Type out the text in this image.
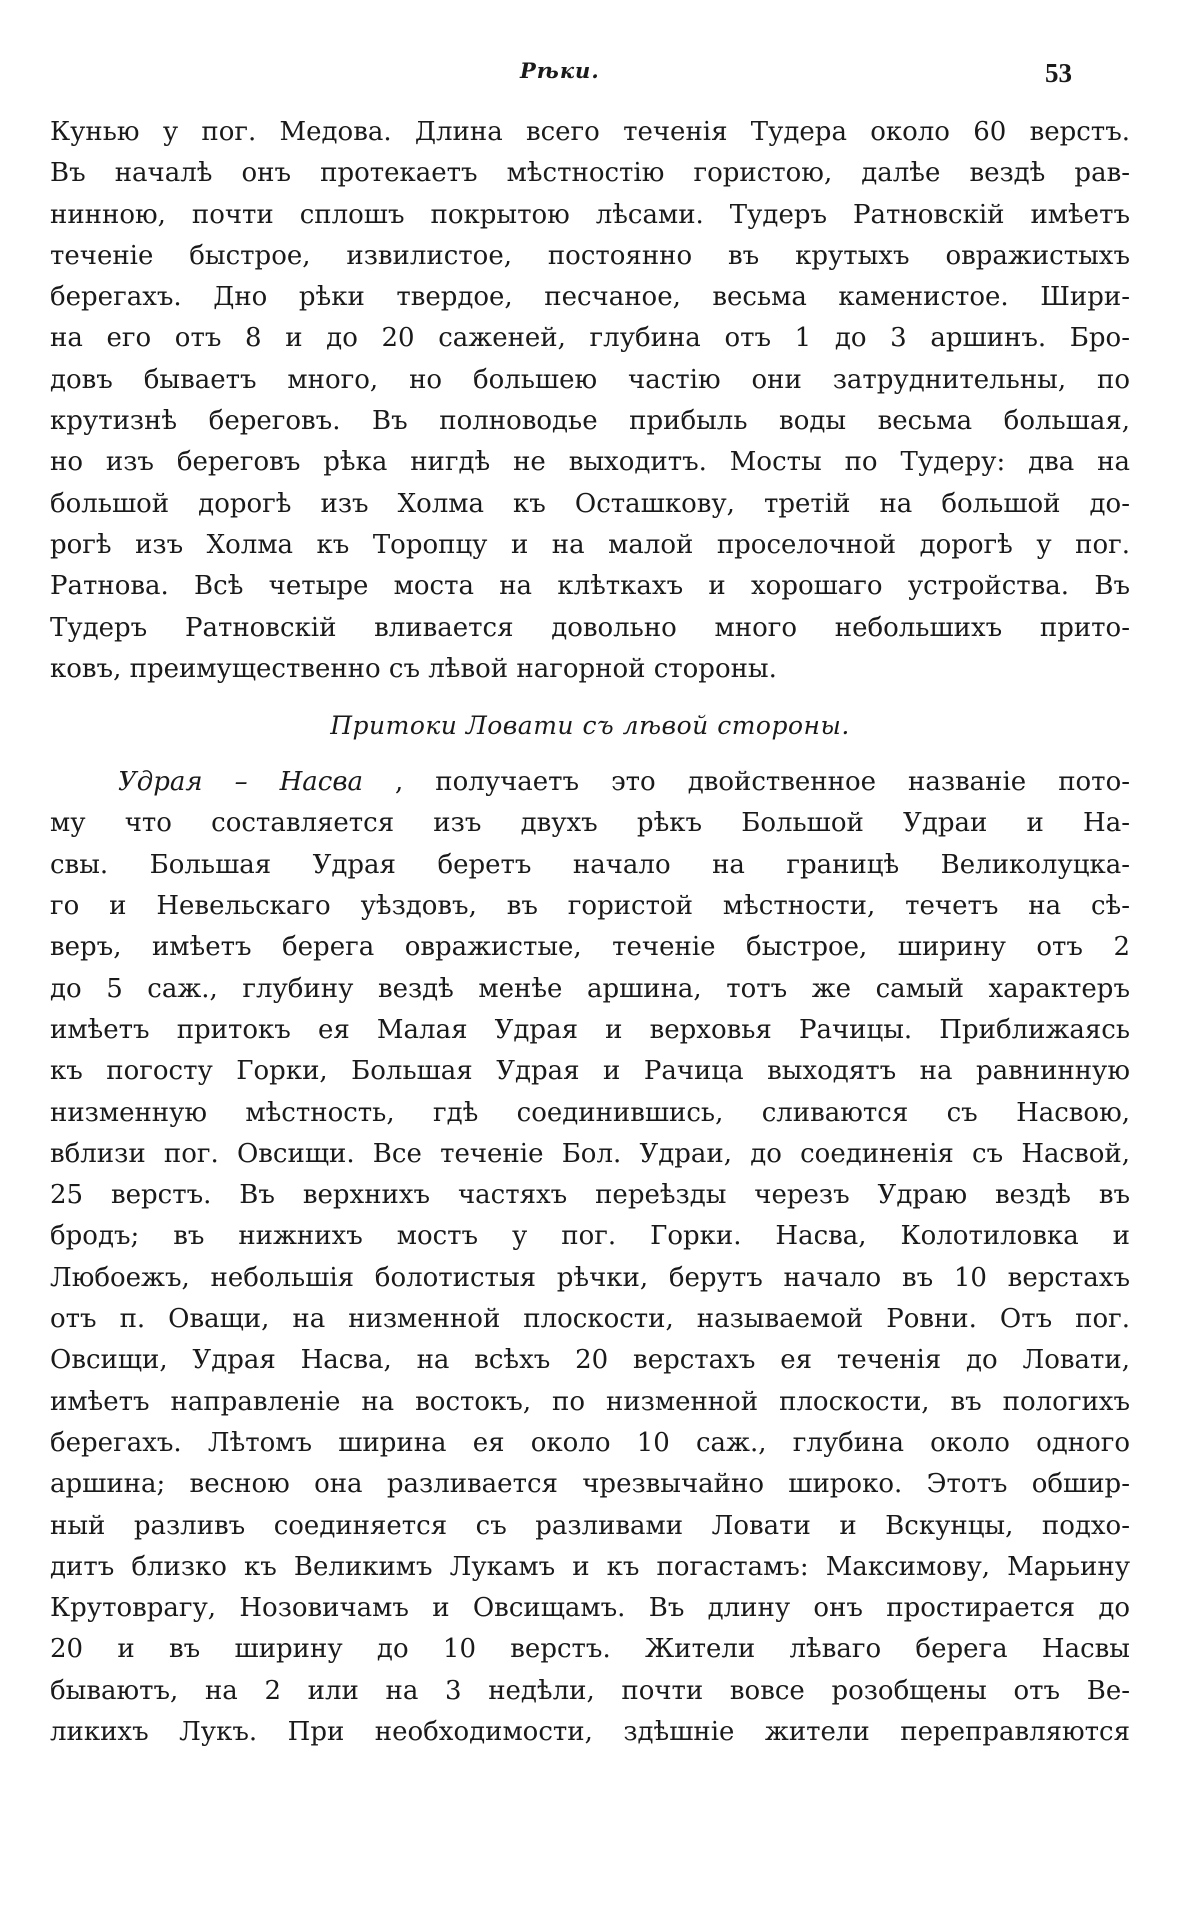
Рѣки.	53
Кунью у пог. Медова. Длина всего теченія Тудера около 60 верстъ.
Въ началѣ онъ протекаетъ мѣстностію гористою, далѣе вездѣ рав-
нинною, почти сплошъ покрытою лѣсами. Тудеръ Ратновскій имѣетъ
теченіе быстрое, извилистое, постоянно въ крутыхъ овражистыхъ
берегахъ. Дно рѣки твердое, песчаное, весьма каменистое. Шири-
на его отъ 8 и до 20 саженей, глубина отъ 1 до 3 аршинъ. Бро-
довъ бываетъ много, но большею частію они затруднительны, по
крутизнѣ береговъ. Въ полноводье прибыль воды весьма большая,
но изъ береговъ рѣка нигдѣ не выходитъ. Мосты по Тудеру: два на
большой дорогѣ изъ Холма къ Осташкову, третій на большой до-
рогѣ изъ Холма къ Торопцу и на малой проселочной дорогѣ у пог.
Ратнова. Всѣ четыре моста на клѣткахъ и хорошаго устройства. Въ
Тудеръ Ратновскій вливается довольно много небольшихъ прито-
ковъ, преимущественно съ лѣвой нагорной стороны.
Притоки Ловати съ лѣвой стороны.
Удрая – Насва , получаетъ это двойственное названіе пото-
му что составляется изъ двухъ рѣкъ Большой Удраи и На-
свы. Большая Удрая беретъ начало на границѣ Великолуцка-
го и Невельскаго уѣздовъ, въ гористой мѣстности, течетъ на сѣ-
веръ, имѣетъ берега овражистые, теченіе быстрое, ширину отъ 2
до 5 саж., глубину вездѣ менѣе аршина, тотъ же самый характеръ
имѣетъ притокъ ея Малая Удрая и верховья Рачицы. Приближаясь
къ погосту Горки, Большая Удрая и Рачица выходятъ на равнинную
низменную мѣстность, гдѣ соединившись, сливаются съ Насвою,
вблизи пог. Овсищи. Все теченіе Бол. Удраи, до соединенія съ Насвой,
25 верстъ. Въ верхнихъ частяхъ переѣзды черезъ Удраю вездѣ въ
бродъ; въ нижнихъ мостъ у пог. Горки. Насва, Колотиловка и
Любоежъ, небольшія болотистыя рѣчки, берутъ начало въ 10 верстахъ
отъ п. Оващи, на низменной плоскости, называемой Ровни. Отъ пог.
Овсищи, Удрая Насва, на всѣхъ 20 верстахъ ея теченія до Ловати,
имѣетъ направленіе на востокъ, по низменной плоскости, въ пологихъ
берегахъ. Лѣтомъ ширина ея около 10 саж., глубина около одного
аршина; весною она разливается чрезвычайно широко. Этотъ обшир-
ный разливъ соединяется съ разливами Ловати и Вскунцы, подхо-
дитъ близко къ Великимъ Лукамъ и къ погастамъ: Максимову, Марьину
Крутоврагу, Нозовичамъ и Овсищамъ. Въ длину онъ простирается до
20 и въ ширину до 10 верстъ. Жители лѣваго берега Насвы
бываютъ, на 2 или на 3 недѣли, почти вовсе розобщены отъ Ве-
ликихъ Лукъ. При необходимости, здѣшніе жители переправляются
